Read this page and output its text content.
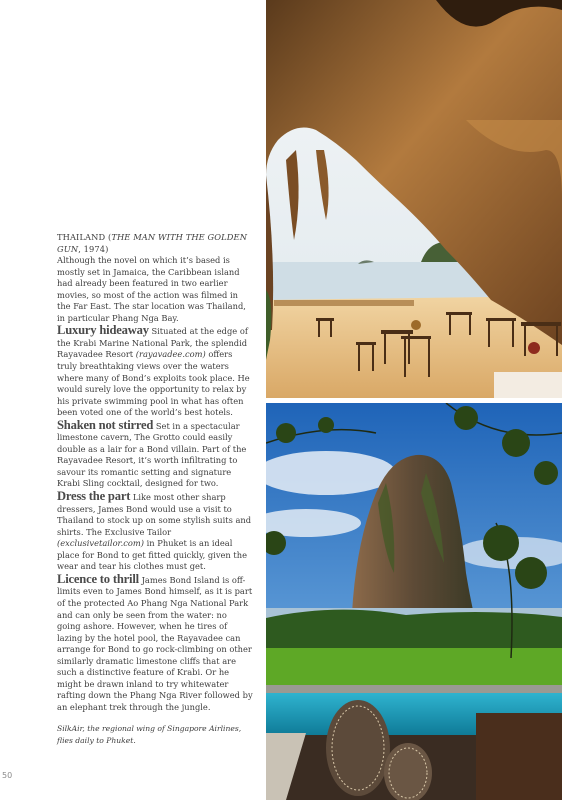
THAILAND (THE MAN WITH THE GOLDEN GUN, 1974)

Although the novel on which it’s based is mostly set in Jamaica, the Caribbean island had already been featured in two earlier movies, so most of the action was filmed in the Far East. The star location was Thailand, in particular Phang Nga Bay.

Luxury hideaway Situated at the edge of the Krabi Marine National Park, the splendid Rayavadee Resort (rayavadee.com) offers truly breathtaking views over the waters where many of Bond’s exploits took place. He would surely love the opportunity to relax by his private swimming pool in what has often been voted one of the world’s best hotels.

Shaken not stirred Set in a spectacular limestone cavern, The Grotto could easily double as a lair for a Bond villain. Part of the Rayavadee Resort, it’s worth infiltrating to savour its romantic setting and signature Krabi Sling cocktail, designed for two.

Dress the part Like most other sharp dressers, James Bond would use a visit to Thailand to stock up on some stylish suits and shirts. The Exclusive Tailor (exclusivetailor.com) in Phuket is an ideal place for Bond to get fitted quickly, given the wear and tear his clothes must get.

Licence to thrill James Bond Island is off-limits even to James Bond himself, as it is part of the protected Ao Phang Nga National Park and can only be seen from the water: no going ashore. However, when he tires of lazing by the hotel pool, the Rayavadee can arrange for Bond to go rock-climbing on other similarly dramatic limestone cliffs that are such a distinctive feature of Krabi. Or he might be drawn inland to try whitewater rafting down the Phang Nga River followed by an elephant trek through the jungle.

SilkAir, the regional wing of Singapore Airlines, flies daily to Phuket.

50
